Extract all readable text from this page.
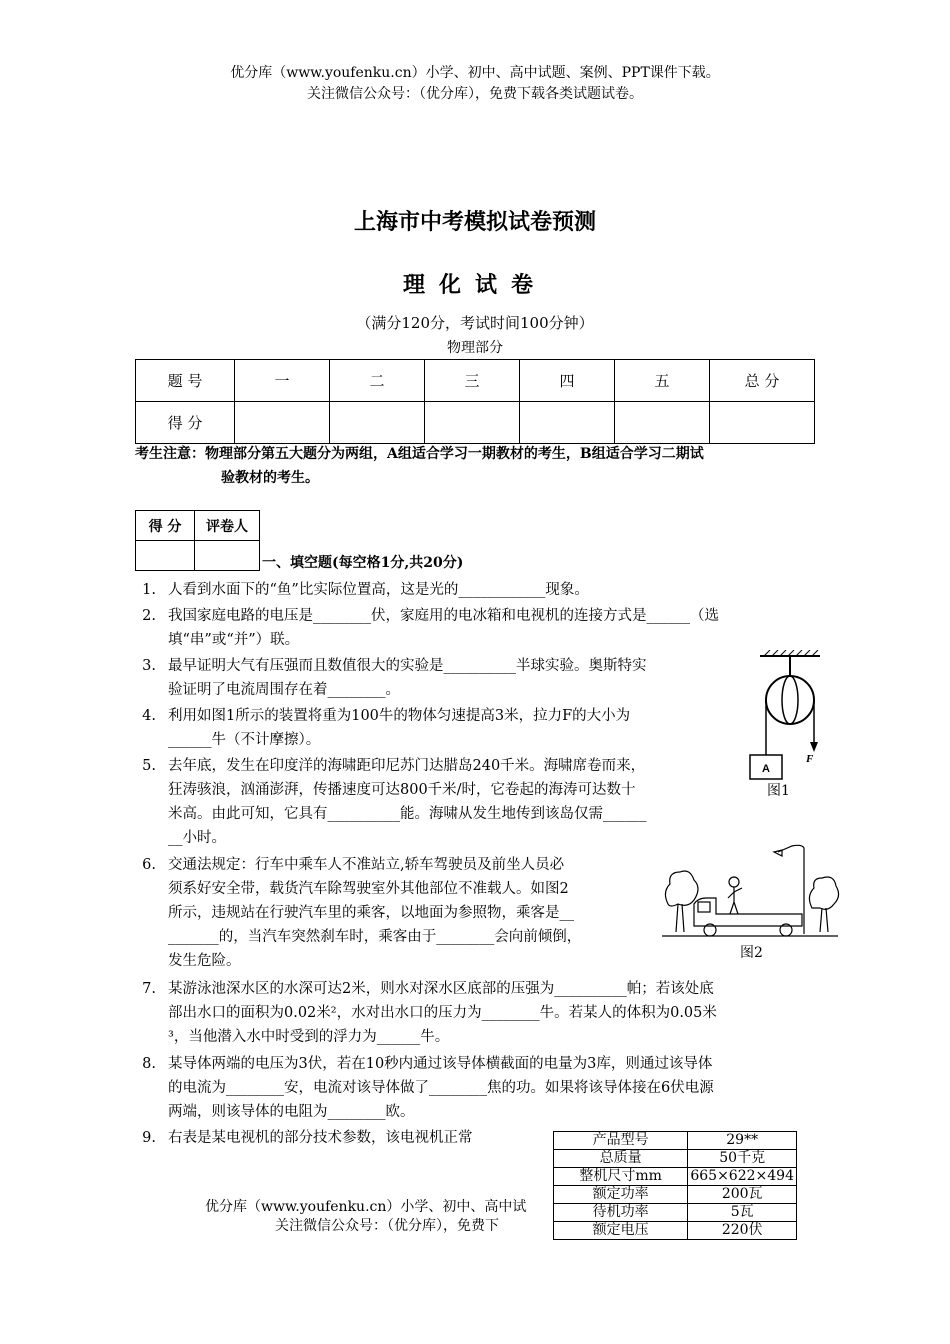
优分库（www.youfenku.cn）小学、初中、高中试题、案例、PPT课件下载。
关注微信公众号：（优分库），免费下载各类试题试卷。
上海市中考模拟试卷预测
理化试卷
（满分120分，考试时间100分钟）
物理部分
题 号	一	二	三	四	五	总 分
得 分						
考生注意：物理部分第五大题分为两组，A组适合学习一期教材的考生，B组适合学习二期试
验教材的考生。
得 分	评卷人

一、填空题(每空格1分,共20分)
1. 人看到水面下的“鱼”比实际位置高，这是光的____________现象。
2. 我国家庭电路的电压是________伏，家庭用的电冰箱和电视机的连接方式是______（选
填“串”或“并”）联。
3. 最早证明大气有压强而且数值很大的实验是__________半球实验。奥斯特实
验证明了电流周围存在着________。
4. 利用如图1所示的装置将重为100牛的物体匀速提高3米，拉力F的大小为
______牛（不计摩擦）。
5. 去年底，发生在印度洋的海啸距印尼苏门达腊岛240千米。海啸席卷而来，
狂涛骇浪，汹涌澎湃，传播速度可达800千米/时，它卷起的海涛可达数十
米高。由此可知，它具有__________能。海啸从发生地传到该岛仅需______
__小时。
6. 交通法规定：行车中乘车人不准站立,轿车驾驶员及前坐人员必
须系好安全带，载货汽车除驾驶室外其他部位不准载人。如图2
所示，违规站在行驶汽车里的乘客，以地面为参照物，乘客是__
_______的，当汽车突然刹车时，乘客由于________会向前倾倒，
发生危险。
7. 某游泳池深水区的水深可达2米，则水对深水区底部的压强为__________帕；若该处底
部出水口的面积为0.02米²，水对出水口的压力为________牛。若某人的体积为0.05米
³，当他潜入水中时受到的浮力为______牛。
8. 某导体两端的电压为3伏，若在10秒内通过该导体横截面的电量为3库，则通过该导体
的电流为________安，电流对该导体做了________焦的功。如果将该导体接在6伏电源
两端，则该导体的电阻为________欧。
9. 右表是某电视机的部分技术参数，该电视机正常
A
F
图1
图2
产品型号	29**
总质量	50千克
整机尺寸mm	665×622×494
额定功率	200瓦
待机功率	5瓦
额定电压	220伏
优分库（www.youfenku.cn）小学、初中、高中试
关注微信公众号：（优分库），免费下
